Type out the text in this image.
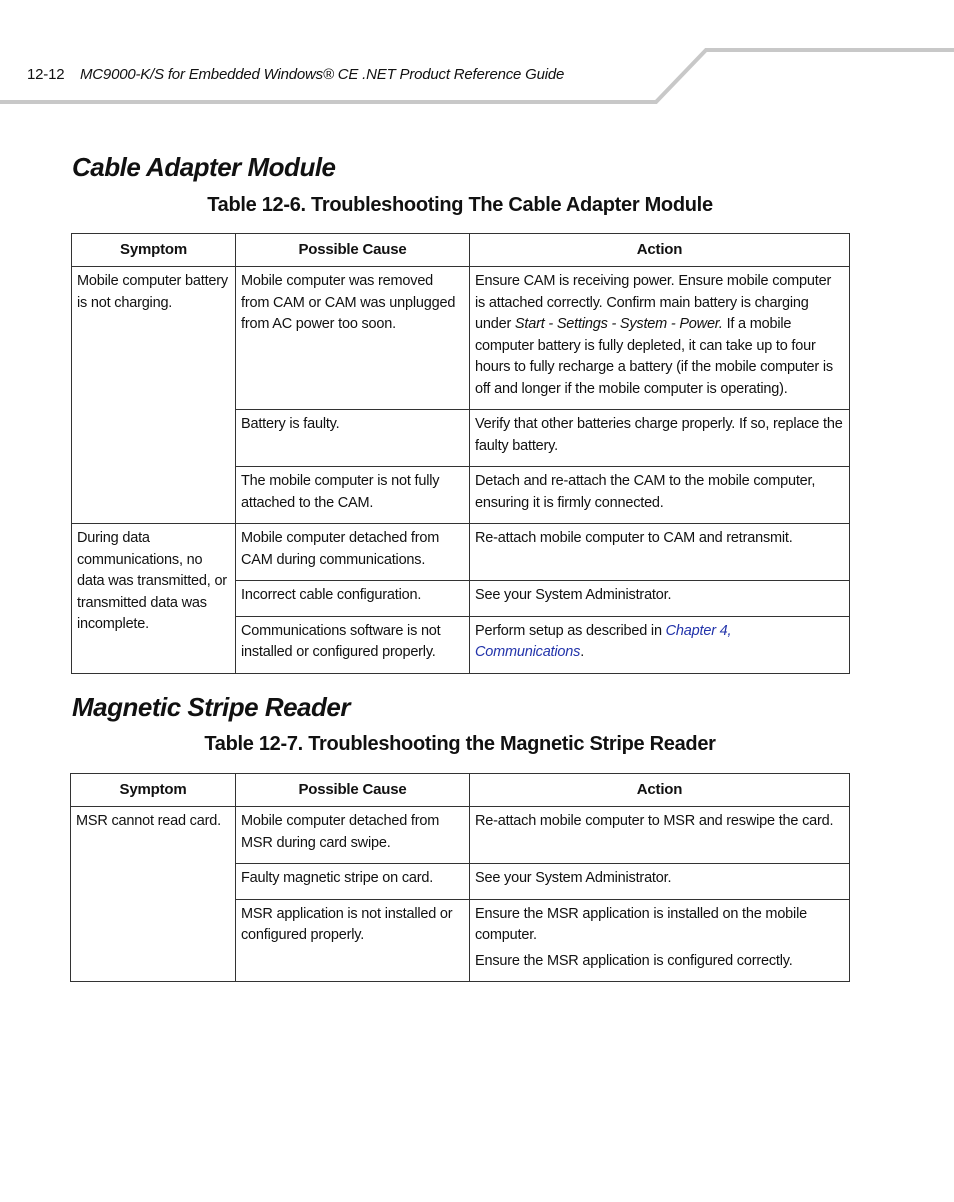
12-12 MC9000-K/S for Embedded Windows® CE .NET Product Reference Guide
Cable Adapter Module
Table 12-6. Troubleshooting The Cable Adapter Module
Symptom	Possible Cause	Action
Mobile computer battery is not charging.	Mobile computer was removed from CAM or CAM was unplugged from AC power too soon.	Ensure CAM is receiving power. Ensure mobile computer is attached correctly. Confirm main battery is charging under Start - Settings - System - Power. If a mobile computer battery is fully depleted, it can take up to four hours to fully recharge a battery (if the mobile computer is off and longer if the mobile computer is operating).
	Battery is faulty.	Verify that other batteries charge properly. If so, replace the faulty battery.
	The mobile computer is not fully attached to the CAM.	Detach and re-attach the CAM to the mobile computer, ensuring it is firmly connected.
During data communications, no data was transmitted, or transmitted data was incomplete.	Mobile computer detached from CAM during communications.	Re-attach mobile computer to CAM and retransmit.
	Incorrect cable configuration.	See your System Administrator.
	Communications software is not installed or configured properly.	Perform setup as described in Chapter 4, Communications.
Magnetic Stripe Reader
Table 12-7. Troubleshooting the Magnetic Stripe Reader
Symptom	Possible Cause	Action
MSR cannot read card.	Mobile computer detached from MSR during card swipe.	Re-attach mobile computer to MSR and reswipe the card.
	Faulty magnetic stripe on card.	See your System Administrator.
	MSR application is not installed or configured properly.	Ensure the MSR application is installed on the mobile computer.
Ensure the MSR application is configured correctly.
